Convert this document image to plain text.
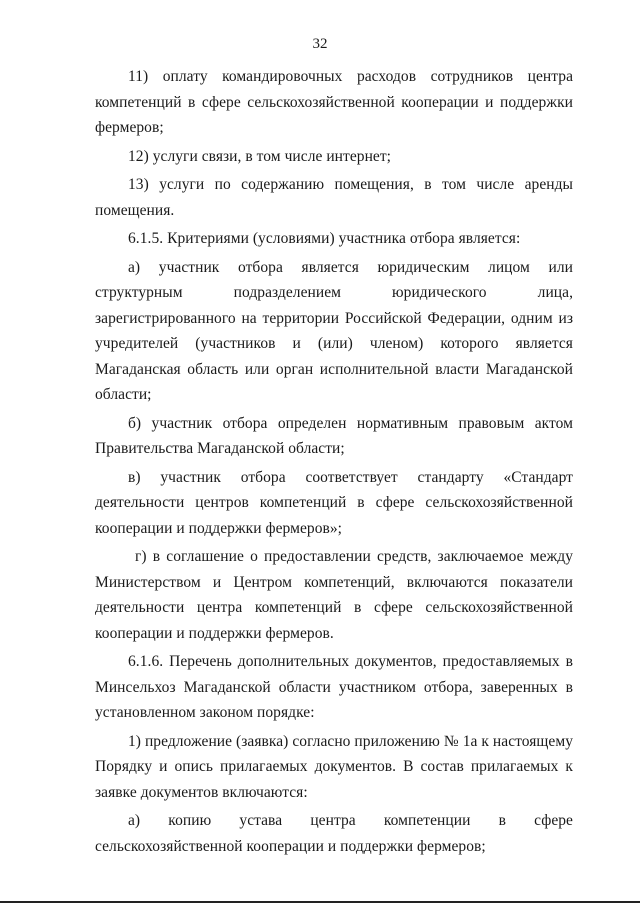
32

11) оплату командировочных расходов сотрудников центра компетенций в сфере сельскохозяйственной кооперации и поддержки фермеров;

12) услуги связи, в том числе интернет;

13) услуги по содержанию помещения, в том числе аренды помещения.

6.1.5. Критериями (условиями) участника отбора является:

а) участник отбора является юридическим лицом или структурным подразделением юридического лица, зарегистрированного на территории Российской Федерации, одним из учредителей (участников и (или) членом) которого является Магаданская область или орган исполнительной власти Магаданской области;

б) участник отбора определен нормативным правовым актом Правительства Магаданской области;

в) участник отбора соответствует стандарту «Стандарт деятельности центров компетенций в сфере сельскохозяйственной кооперации и поддержки фермеров»;

г) в соглашение о предоставлении средств, заключаемое между Министерством и Центром компетенций, включаются показатели деятельности центра компетенций в сфере сельскохозяйственной кооперации и поддержки фермеров.

6.1.6. Перечень дополнительных документов, предоставляемых в Минсельхоз Магаданской области участником отбора, заверенных в установленном законом порядке:

1) предложение (заявка) согласно приложению № 1а к настоящему Порядку и опись прилагаемых документов. В состав прилагаемых к заявке документов включаются:

а) копию устава центра компетенции в сфере сельскохозяйственной кооперации и поддержки фермеров;
